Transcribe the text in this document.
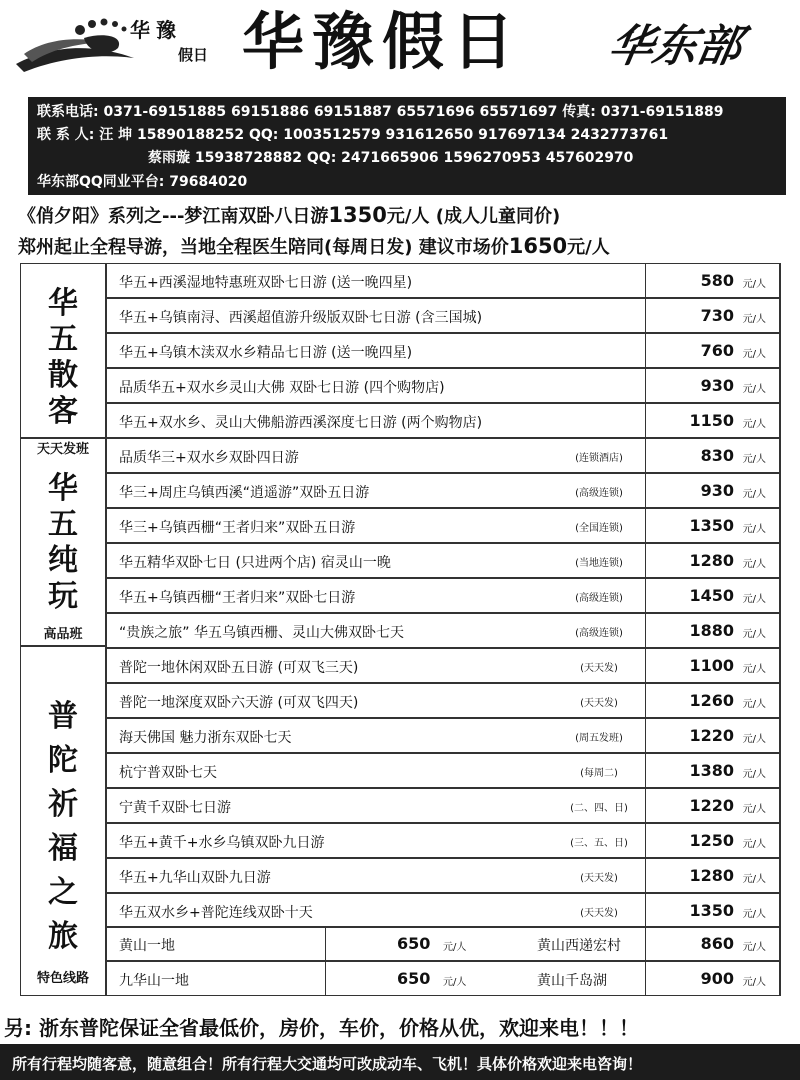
华豫
假日 华豫假日 华东部
联系电话: 0371-69151885 69151886 69151887 65571696 65571697 传真: 0371-69151889
联 系 人: 汪 坤 15890188252 QQ: 1003512579 931612650 917697134 2432773761
蔡雨璇 15938728882 QQ: 2471665906 1596270953 457602970
华东部QQ同业平台: 79684020
《俏夕阳》系列之---梦江南双卧八日游1350元/人 (成人儿童同价)
郑州起止全程导游，当地全程医生陪同(每周日发) 建议市场价1650元/人
华五散客
天天发班
华五纯玩
高品班
普陀祈福之旅
特色线路
华五+西溪湿地特惠班双卧七日游 (送一晚四星)	580 元/人
华五+乌镇南浔、西溪超值游升级版双卧七日游 (含三国城)	730 元/人
华五+乌镇木渎双水乡精品七日游 (送一晚四星)	760 元/人
品质华五+双水乡灵山大佛 双卧七日游 (四个购物店)	930 元/人
华五+双水乡、灵山大佛船游西溪深度七日游 (两个购物店)	1150 元/人
品质华三+双水乡双卧四日游	(连锁酒店)	830 元/人
华三+周庄乌镇西溪“逍遥游”双卧五日游	(高级连锁)	930 元/人
华三+乌镇西栅“王者归来”双卧五日游	(全国连锁)	1350 元/人
华五精华双卧七日 (只进两个店) 宿灵山一晚	(当地连锁)	1280 元/人
华五+乌镇西栅“王者归来”双卧七日游	(高级连锁)	1450 元/人
“贵族之旅” 华五乌镇西栅、灵山大佛双卧七天	(高级连锁)	1880 元/人
普陀一地休闲双卧五日游 (可双飞三天)	(天天发)	1100 元/人
普陀一地深度双卧六天游 (可双飞四天)	(天天发)	1260 元/人
海天佛国 魅力浙东双卧七天	(周五发班)	1220 元/人
杭宁普双卧七天	(每周二)	1380 元/人
宁黄千双卧七日游	(二、四、日)	1220 元/人
华五+黄千+水乡乌镇双卧九日游	(三、五、日)	1250 元/人
华五+九华山双卧九日游	(天天发)	1280 元/人
华五双水乡+普陀连线双卧十天	(天天发)	1350 元/人
黄山一地	650 元/人	黄山西递宏村	860 元/人
九华山一地	650 元/人	黄山千岛湖	900 元/人
另: 浙东普陀保证全省最低价，房价，车价，价格从优，欢迎来电！！！
所有行程均随客意，随意组合！所有行程大交通均可改成动车、飞机！具体价格欢迎来电咨询！
